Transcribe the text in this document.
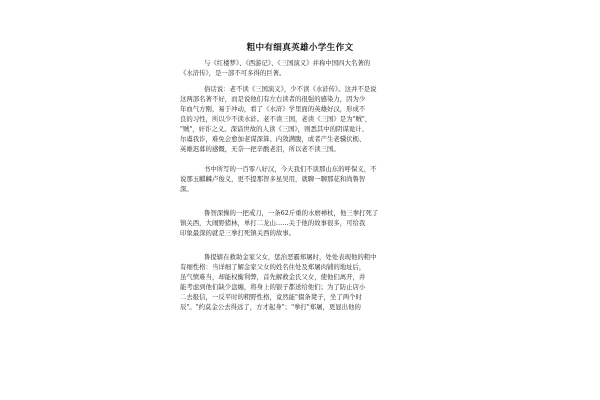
粗中有细真英雄小学生作文
与《红楼梦》、《西游记》、《三国演义》并称中国四大名著的
《水浒传》，是一部不可多得的巨著。
俗话说：老不读《三国演义》，少不读《水浒传》。这并不是说
这两部名著不好，而是说他们有左右读者的很强的感染力，因为少
年血气方刚，易于冲动，看了《水浒》学里面的英雄好汉，形成不
良的习性，所以少不读水浒。老不读三国，老读《三国》是为"贼"，
"贼"，奸诈之义。深谙世故的人读《三国》，则悉其中的阴谋诡计、
尔虞我诈，难免会愈加老谋深算、内敛满腹，或者产生老骥伏枥、
英雄迟暮的感慨，无奈一把辛酸老泪，所以老不读三国。
书中所写的一百零八好汉，今天我们不谈那山东的呼保义，不
说那玉麒麟卢俊义，更不提那智多星吴用，就聊一聊那花和尚鲁智
深。
鲁智深操的一把戒刀，一条62斤重的水磨禅杖，他三拳打死了
镇关西，大闹野猪林，单打二龙山……关于他的故事很多，可给我
印象最深的就是三拳打死镇关西的故事。
鲁提辖在救助金家父女，惩治恶霸郑屠时，处处表现他的粗中
有细性格：当详细了解金家父女的姓名住处及郑屠肉铺的地址后，
虽气愤难当，却能权衡利弊，首先解救金氏父女，使他们离开，并
能考虑到他们缺少盘缠，将身上的银子都送给他们；为了防止店小
二去报信，一反平时的粗野性格，竟然能"掇条凳子，坐了两个时
辰"。"约莫金公去得远了，方才起身"；"拳打"郑屠，更显出他的
